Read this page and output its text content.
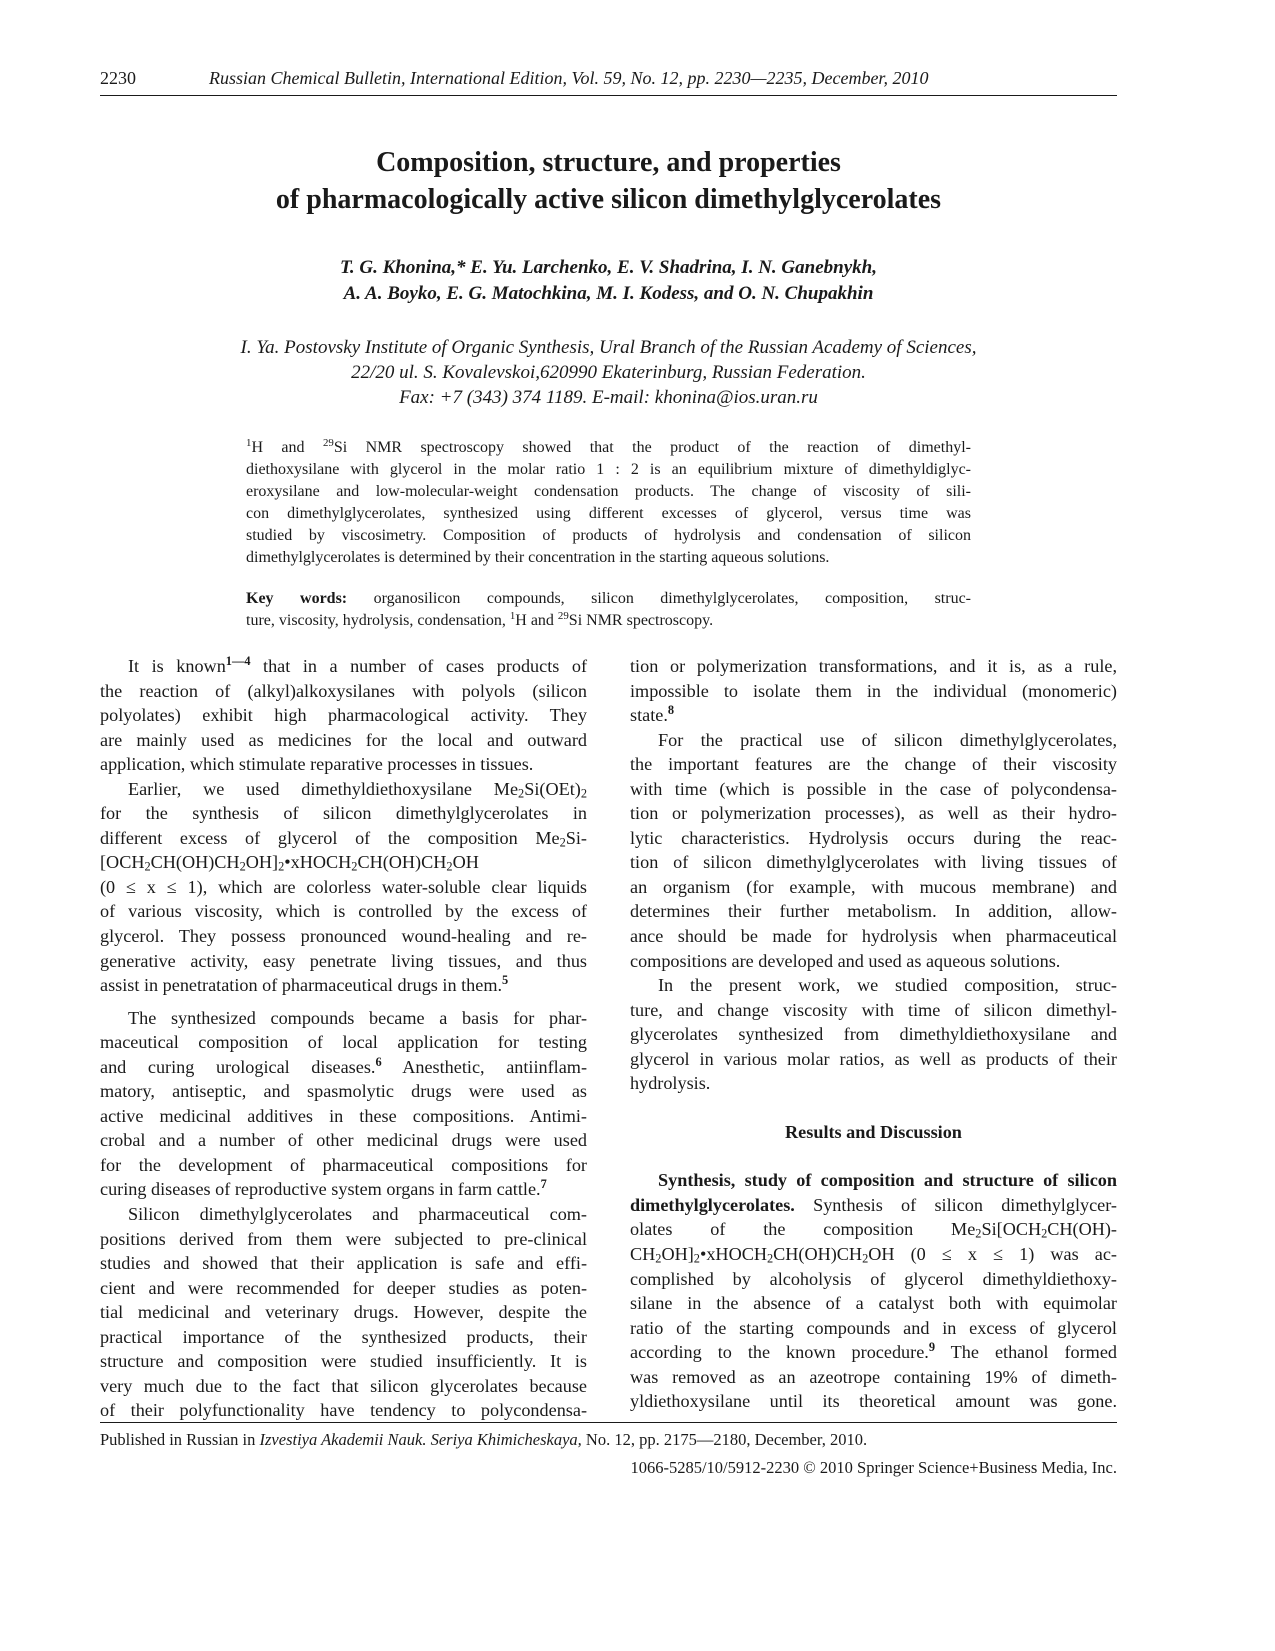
2230	Russian Chemical Bulletin, International Edition, Vol. 59, No. 12, pp. 2230—2235, December, 2010
Composition, structure, and properties
of pharmacologically active silicon dimethylglycerolates
T. G. Khonina,* E. Yu. Larchenko, E. V. Shadrina, I. N. Ganebnykh,
A. A. Boyko, E. G. Matochkina, M. I. Kodess, and O. N. Chupakhin
I. Ya. Postovsky Institute of Organic Synthesis, Ural Branch of the Russian Academy of Sciences,
22/20 ul. S. Kovalevskoi,620990 Ekaterinburg, Russian Federation.
Fax: +7 (343) 374 1189. E-mail: khonina@ios.uran.ru
$^1$H and $^{29}$Si NMR spectroscopy showed that the product of the reaction of dimethyl-
diethoxysilane with glycerol in the molar ratio 1 : 2 is an equilibrium mixture of dimethyldiglyc-
eroxysilane and low-molecular-weight condensation products. The change of viscosity of sili-
con dimethylglycerolates, synthesized using different excesses of glycerol, versus time was
studied by viscosimetry. Composition of products of hydrolysis and condensation of silicon
dimethylglycerolates is determined by their concentration in the starting aqueous solutions.
Key words: organosilicon compounds, silicon dimethylglycerolates, composition, struc-
ture, viscosity, hydrolysis, condensation, $^1$H and $^{29}$Si NMR spectroscopy.
It is known$^{1—4}$ that in a number of cases products of
the reaction of (alkyl)alkoxysilanes with polyols (silicon
polyolates) exhibit high pharmacological activity. They
are mainly used as medicines for the local and outward
application, which stimulate reparative processes in tissues.
Earlier, we used dimethyldiethoxysilane $Me_2Si(OEt)_2$
for the synthesis of silicon dimethylglycerolates in
different excess of glycerol of the composition $Me_2Si-$
$[OCH_2CH(OH)CH_2OH]_2•xHOCH_2CH(OH)CH_2OH$
(0 ≤ x ≤ 1), which are colorless water-soluble clear liquids
of various viscosity, which is controlled by the excess of
glycerol. They possess pronounced wound-healing and re-
generative activity, easy penetrate living tissues, and thus
assist in penetratation of pharmaceutical drugs in them.$^5$
The synthesized compounds became a basis for phar-
maceutical composition of local application for testing
and curing urological diseases.$^6$ Anesthetic, antiinflam-
matory, antiseptic, and spasmolytic drugs were used as
active medicinal additives in these compositions. Antimi-
crobal and a number of other medicinal drugs were used
for the development of pharmaceutical compositions for
curing diseases of reproductive system organs in farm cattle.$^7$
Silicon dimethylglycerolates and pharmaceutical com-
positions derived from them were subjected to pre-clinical
studies and showed that their application is safe and effi-
cient and were recommended for deeper studies as poten-
tial medicinal and veterinary drugs. However, despite the
practical importance of the synthesized products, their
structure and composition were studied insufficiently. It is
very much due to the fact that silicon glycerolates because
of their polyfunctionality have tendency to polycondensa-
tion or polymerization transformations, and it is, as a rule,
impossible to isolate them in the individual (monomeric)
state.$^8$
For the practical use of silicon dimethylglycerolates,
the important features are the change of their viscosity
with time (which is possible in the case of polycondensa-
tion or polymerization processes), as well as their hydro-
lytic characteristics. Hydrolysis occurs during the reac-
tion of silicon dimethylglycerolates with living tissues of
an organism (for example, with mucous membrane) and
determines their further metabolism. In addition, allow-
ance should be made for hydrolysis when pharmaceutical
compositions are developed and used as aqueous solutions.
In the present work, we studied composition, struc-
ture, and change viscosity with time of silicon dimethyl-
glycerolates synthesized from dimethyldiethoxysilane and
glycerol in various molar ratios, as well as products of their
hydrolysis.
Results and Discussion
Synthesis, study of composition and structure of silicon
dimethylglycerolates. Synthesis of silicon dimethylglycer-
olates of the composition $Me_2Si[OCH_2CH(OH)-$
$CH_2OH]_2•xHOCH_2CH(OH)CH_2OH$ (0 ≤ x ≤ 1) was ac-
complished by alcoholysis of glycerol dimethyldiethoxy-
silane in the absence of a catalyst both with equimolar
ratio of the starting compounds and in excess of glycerol
according to the known procedure.$^9$ The ethanol formed
was removed as an azeotrope containing 19% of dimeth-
yldiethoxysilane until its theoretical amount was gone.
Published in Russian in Izvestiya Akademii Nauk. Seriya Khimicheskaya, No. 12, pp. 2175—2180, December, 2010.
1066-5285/10/5912-2230 © 2010 Springer Science+Business Media, Inc.
